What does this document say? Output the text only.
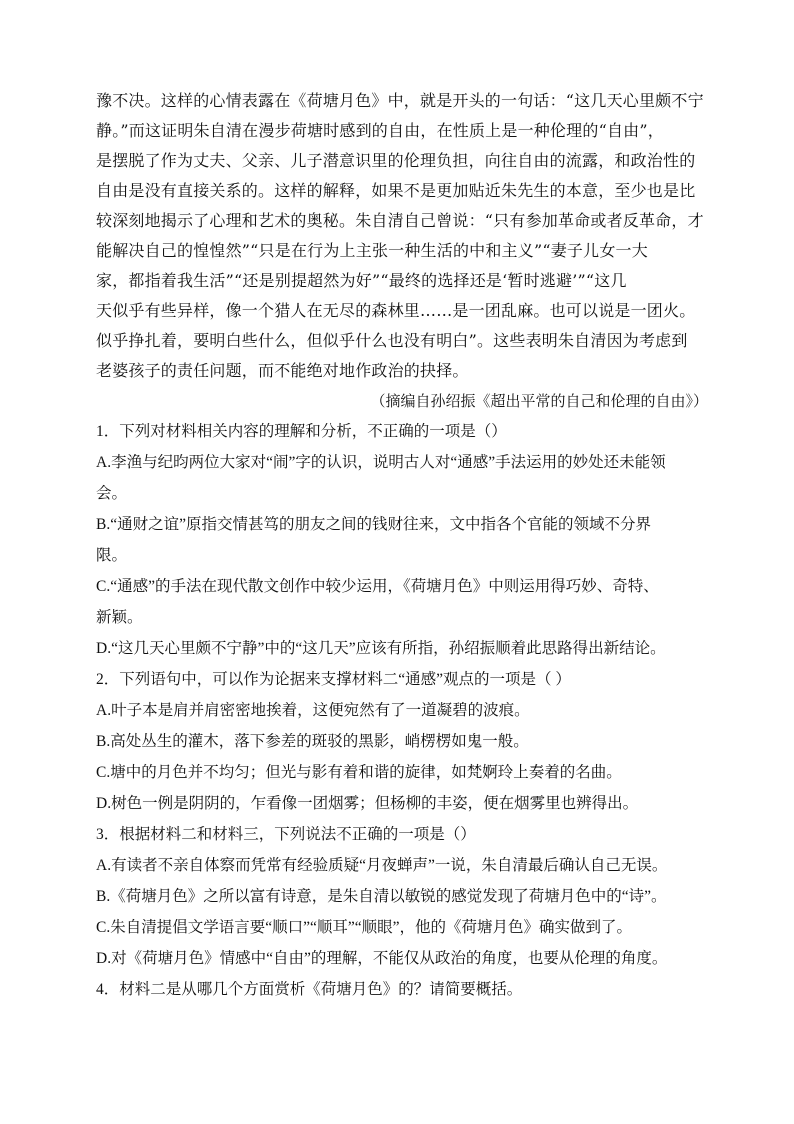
豫不决。这样的心情表露在《荷塘月色》中，就是开头的一句话：“这几天心里颇不宁
静。”而这证明朱自清在漫步荷塘时感到的自由，在性质上是一种伦理的“自由”，
是摆脱了作为丈夫、父亲、儿子潜意识里的伦理负担，向往自由的流露，和政治性的
自由是没有直接关系的。这样的解释，如果不是更加贴近朱先生的本意，至少也是比
较深刻地揭示了心理和艺术的奥秘。朱自清自己曾说：“只有参加革命或者反革命，才
能解决自己的惶惶然”“只是在行为上主张一种生活的中和主义”“妻子儿女一大
家，都指着我生活”“还是别提超然为好”“最终的选择还是‘暂时逃避’”“这几
天似乎有些异样，像一个猎人在无尽的森林里……是一团乱麻。也可以说是一团火。
似乎挣扎着，要明白些什么，但似乎什么也没有明白”。这些表明朱自清因为考虑到
老婆孩子的责任问题，而不能绝对地作政治的抉择。
（摘编自孙绍振《超出平常的自己和伦理的自由》）
1．下列对材料相关内容的理解和分析，不正确的一项是（）
A.李渔与纪昀两位大家对“闹”字的认识，说明古人对“通感”手法运用的妙处还未能领
会。
B.“通财之谊”原指交情甚笃的朋友之间的钱财往来，文中指各个官能的领域不分界
限。
C.“通感”的手法在现代散文创作中较少运用，《荷塘月色》中则运用得巧妙、奇特、
新颖。
D.“这几天心里颇不宁静”中的“这几天”应该有所指，孙绍振顺着此思路得出新结论。
2．下列语句中，可以作为论据来支撑材料二“通感”观点的一项是（ ）
A.叶子本是肩并肩密密地挨着，这便宛然有了一道凝碧的波痕。
B.高处丛生的灌木，落下参差的斑驳的黑影，峭楞楞如鬼一般。
C.塘中的月色并不均匀；但光与影有着和谐的旋律，如梵婀玲上奏着的名曲。
D.树色一例是阴阴的，乍看像一团烟雾；但杨柳的丰姿，便在烟雾里也辨得出。
3．根据材料二和材料三，下列说法不正确的一项是（）
A.有读者不亲自体察而凭常有经验质疑“月夜蝉声”一说，朱自清最后确认自己无误。
B.《荷塘月色》之所以富有诗意，是朱自清以敏锐的感觉发现了荷塘月色中的“诗”。
C.朱自清提倡文学语言要“顺口”“顺耳”“顺眼”，他的《荷塘月色》确实做到了。
D.对《荷塘月色》情感中“自由”的理解，不能仅从政治的角度，也要从伦理的角度。
4．材料二是从哪几个方面赏析《荷塘月色》的？请简要概括。
